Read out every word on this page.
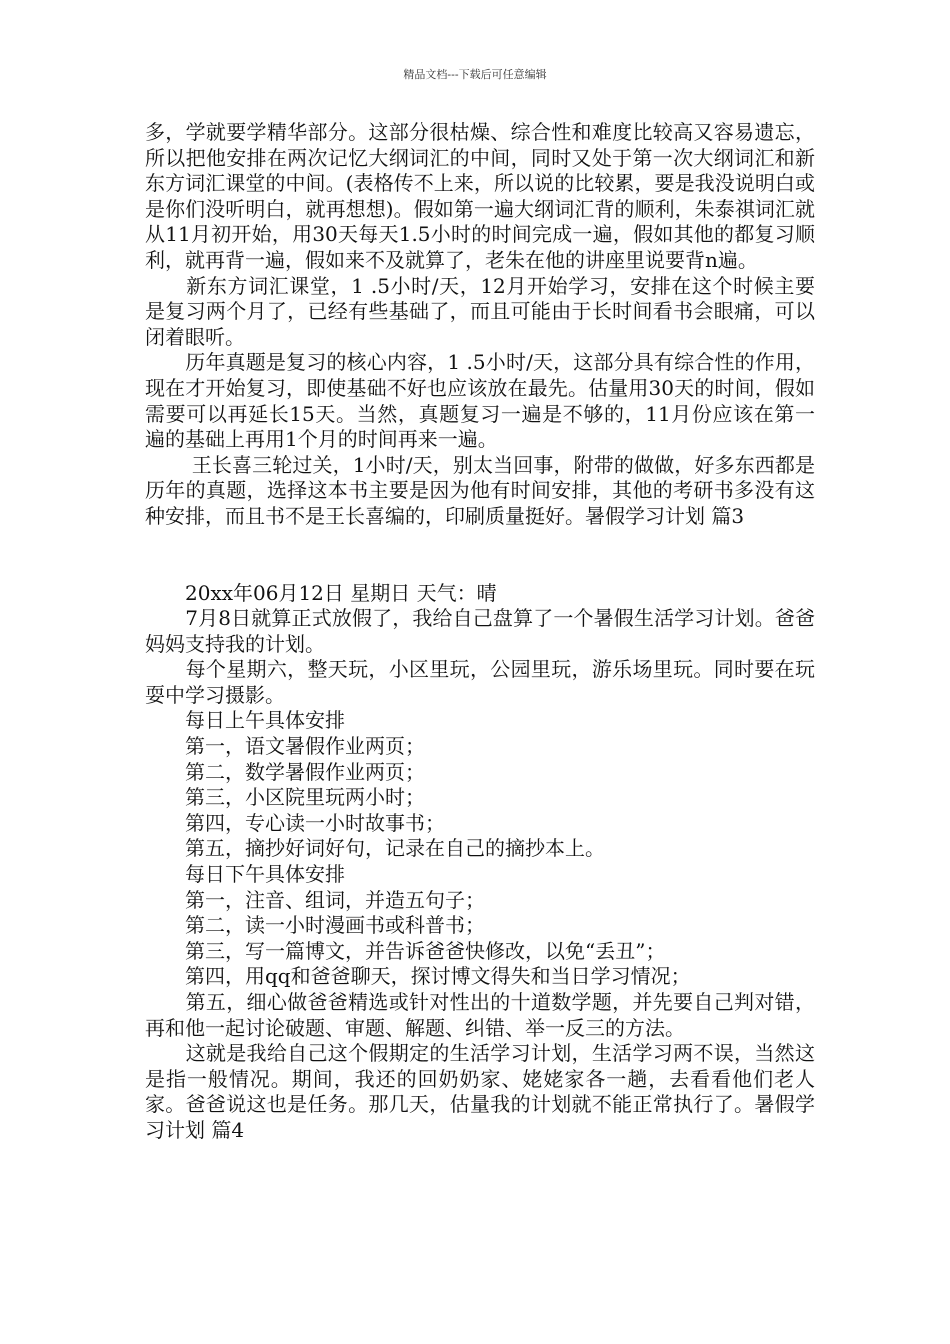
精品文档---下载后可任意编辑

多，学就要学精华部分。这部分很枯燥、综合性和难度比较高又容易遗忘，所以把他安排在两次记忆大纲词汇的中间，同时又处于第一次大纲词汇和新东方词汇课堂的中间。(表格传不上来，所以说的比较累，要是我没说明白或是你们没听明白，就再想想)。假如第一遍大纲词汇背的顺利，朱泰祺词汇就从11月初开始，用30天每天1.5小时的时间完成一遍，假如其他的都复习顺利，就再背一遍，假如来不及就算了，老朱在他的讲座里说要背n遍。

　　新东方词汇课堂，1 .5小时/天，12月开始学习，安排在这个时候主要是复习两个月了，已经有些基础了，而且可能由于长时间看书会眼痛，可以闭着眼听。

　　历年真题是复习的核心内容，1 .5小时/天，这部分具有综合性的作用，现在才开始复习，即使基础不好也应该放在最先。估量用30天的时间，假如需要可以再延长15天。当然，真题复习一遍是不够的，11月份应该在第一遍的基础上再用1个月的时间再来一遍。

　　 王长喜三轮过关，1小时/天，别太当回事，附带的做做，好多东西都是历年的真题，选择这本书主要是因为他有时间安排，其他的考研书多没有这种安排，而且书不是王长喜编的，印刷质量挺好。暑假学习计划 篇3

　　20xx年06月12日 星期日 天气：晴

　　7月8日就算正式放假了，我给自己盘算了一个暑假生活学习计划。爸爸妈妈支持我的计划。

　　每个星期六，整天玩，小区里玩，公园里玩，游乐场里玩。同时要在玩耍中学习摄影。

　　每日上午具体安排

　　第一，语文暑假作业两页；

　　第二，数学暑假作业两页；

　　第三，小区院里玩两小时；

　　第四，专心读一小时故事书；

　　第五，摘抄好词好句，记录在自己的摘抄本上。

　　每日下午具体安排

　　第一，注音、组词，并造五句子；

　　第二，读一小时漫画书或科普书；

　　第三，写一篇博文，并告诉爸爸快修改，以免“丢丑”；

　　第四，用qq和爸爸聊天，探讨博文得失和当日学习情况；

　　第五，细心做爸爸精选或针对性出的十道数学题，并先要自己判对错，再和他一起讨论破题、审题、解题、纠错、举一反三的方法。

　　这就是我给自己这个假期定的生活学习计划，生活学习两不误，当然这是指一般情况。期间，我还的回奶奶家、姥姥家各一趟，去看看他们老人家。爸爸说这也是任务。那几天，估量我的计划就不能正常执行了。暑假学习计划 篇4
